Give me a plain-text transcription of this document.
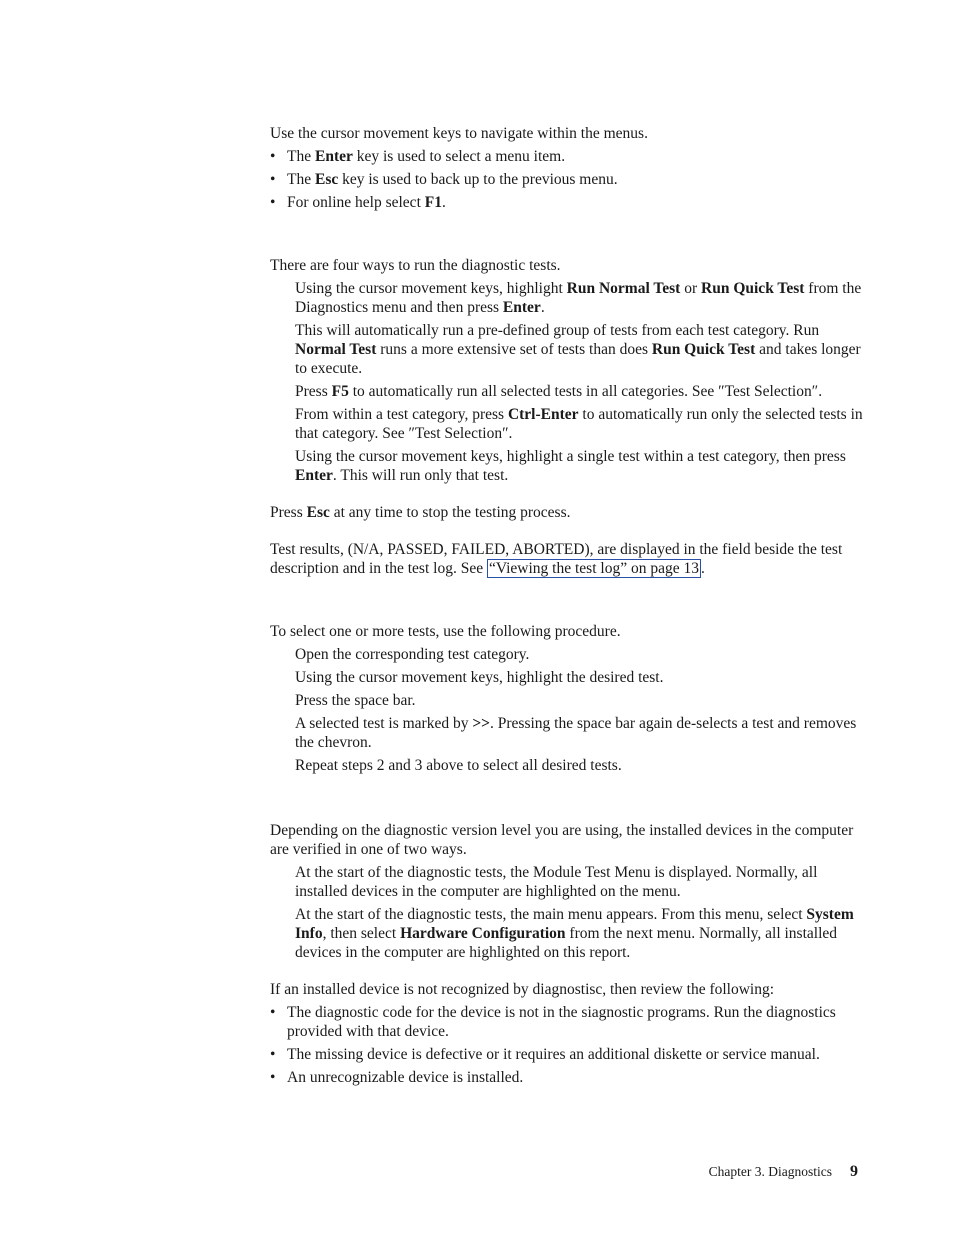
Use the cursor movement keys to navigate within the menus.

• The Enter key is used to select a menu item.
• The Esc key is used to back up to the previous menu.
• For online help select F1.

There are four ways to run the diagnostic tests.

Using the cursor movement keys, highlight Run Normal Test or Run Quick Test from the Diagnostics menu and then press Enter.
This will automatically run a pre-defined group of tests from each test category. Run Normal Test runs a more extensive set of tests than does Run Quick Test and takes longer to execute.
Press F5 to automatically run all selected tests in all categories. See ″Test Selection″.
From within a test category, press Ctrl-Enter to automatically run only the selected tests in that category. See ″Test Selection″.
Using the cursor movement keys, highlight a single test within a test category, then press Enter. This will run only that test.

Press Esc at any time to stop the testing process.

Test results, (N/A, PASSED, FAILED, ABORTED), are displayed in the field beside the test description and in the test log. See “Viewing the test log” on page 13 .

To select one or more tests, use the following procedure.

Open the corresponding test category.
Using the cursor movement keys, highlight the desired test.
Press the space bar.
A selected test is marked by >>. Pressing the space bar again de-selects a test and removes the chevron.
Repeat steps 2 and 3 above to select all desired tests.

Depending on the diagnostic version level you are using, the installed devices in the computer are verified in one of two ways.

At the start of the diagnostic tests, the Module Test Menu is displayed. Normally, all installed devices in the computer are highlighted on the menu.
At the start of the diagnostic tests, the main menu appears. From this menu, select System Info, then select Hardware Configuration from the next menu. Normally, all installed devices in the computer are highlighted on this report.

If an installed device is not recognized by diagnostisc, then review the following:

• The diagnostic code for the device is not in the siagnostic programs. Run the diagnostics provided with that device.
• The missing device is defective or it requires an additional diskette or service manual.
• An unrecognizable device is installed.
Chapter 3. Diagnostics 9
